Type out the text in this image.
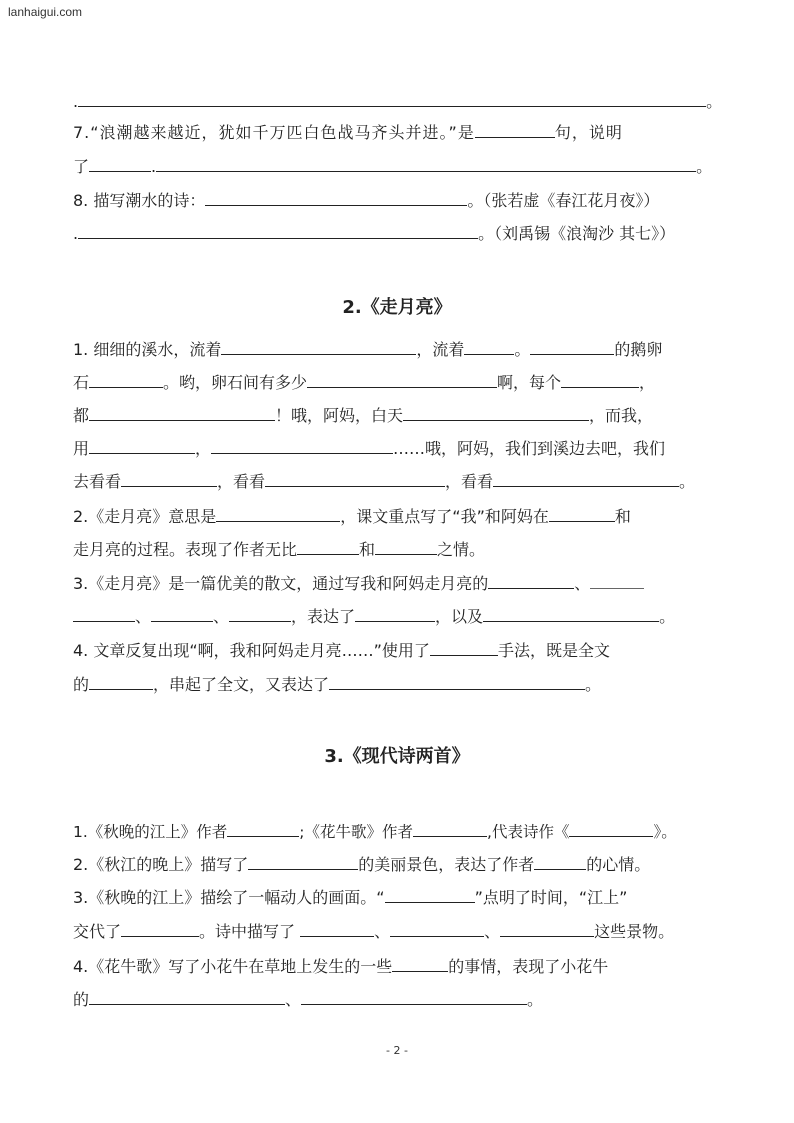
lanhaigui.com
.	。
7.“浪潮越来越近，犹如千万匹白色战马齐头并进。”是	句，说明
了	.	。
8. 描写潮水的诗：	。（张若虚《春江花月夜》）
.	。（刘禹锡《浪淘沙 其七》）
2.《走月亮》
1. 细细的溪水，流着	，流着	。	的鹅卵
石	。哟，卵石间有多少	啊，每个	，
都	！哦，阿妈，白天	，而我，
用	，	……哦，阿妈，我们到溪边去吧，我们
去看看	，看看	，看看	。
2.《走月亮》意思是	，课文重点写了“我”和阿妈在	和
走月亮的过程。表现了作者无比	和	之情。
3.《走月亮》是一篇优美的散文，通过写我和阿妈走月亮的	、
、	、	，表达了	，以及	。
4. 文章反复出现“啊，我和阿妈走月亮……”使用了	手法，既是全文
的	，串起了全文，又表达了	。
3.《现代诗两首》
1.《秋晚的江上》作者	;《花牛歌》作者	,代表诗作《	》。
2.《秋江的晚上》描写了	的美丽景色，表达了作者	的心情。
3.《秋晚的江上》描绘了一幅动人的画面。“	”点明了时间，“江上”
交代了	。诗中描写了	、	、	这些景物。
4.《花牛歌》写了小花牛在草地上发生的一些	的事情，表现了小花牛
的	、	。
- 2 -
